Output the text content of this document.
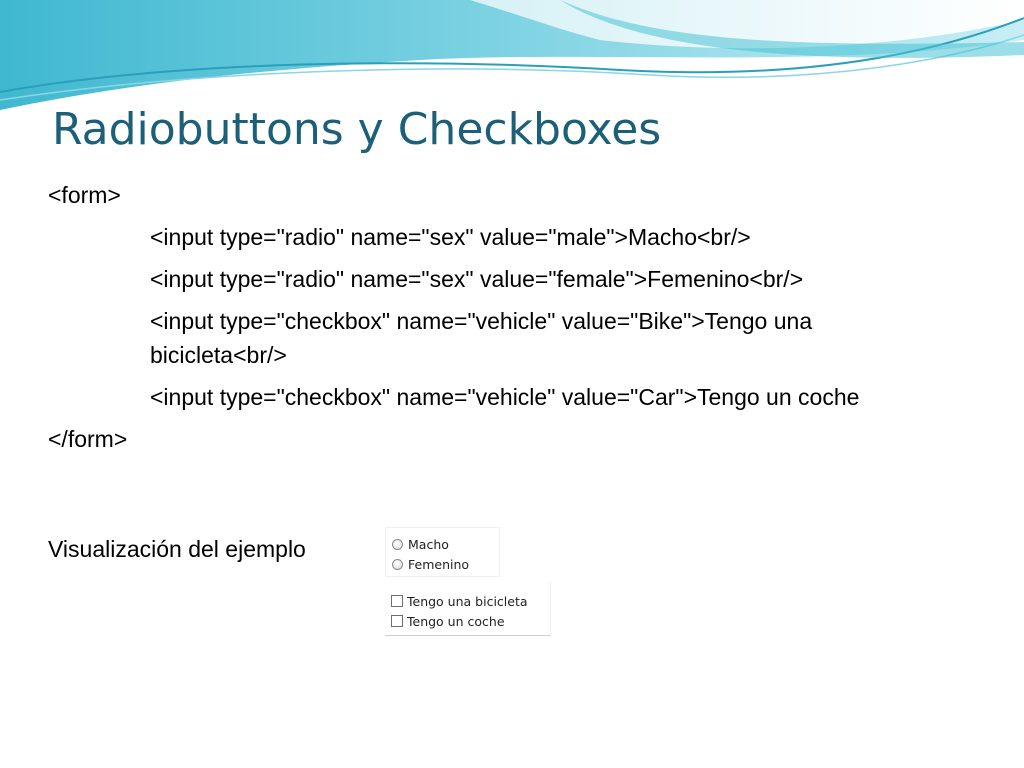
Radiobuttons y Checkboxes
<form>
<input type="radio" name="sex" value="male">Macho<br/>
<input type="radio" name="sex" value="female">Femenino<br/>
<input type="checkbox" name="vehicle" value="Bike">Tengo una bicicleta<br/>
<input type="checkbox" name="vehicle" value="Car">Tengo un coche
</form>
Visualización del ejemplo	Macho
Femenino
Tengo una bicicleta
Tengo un coche
